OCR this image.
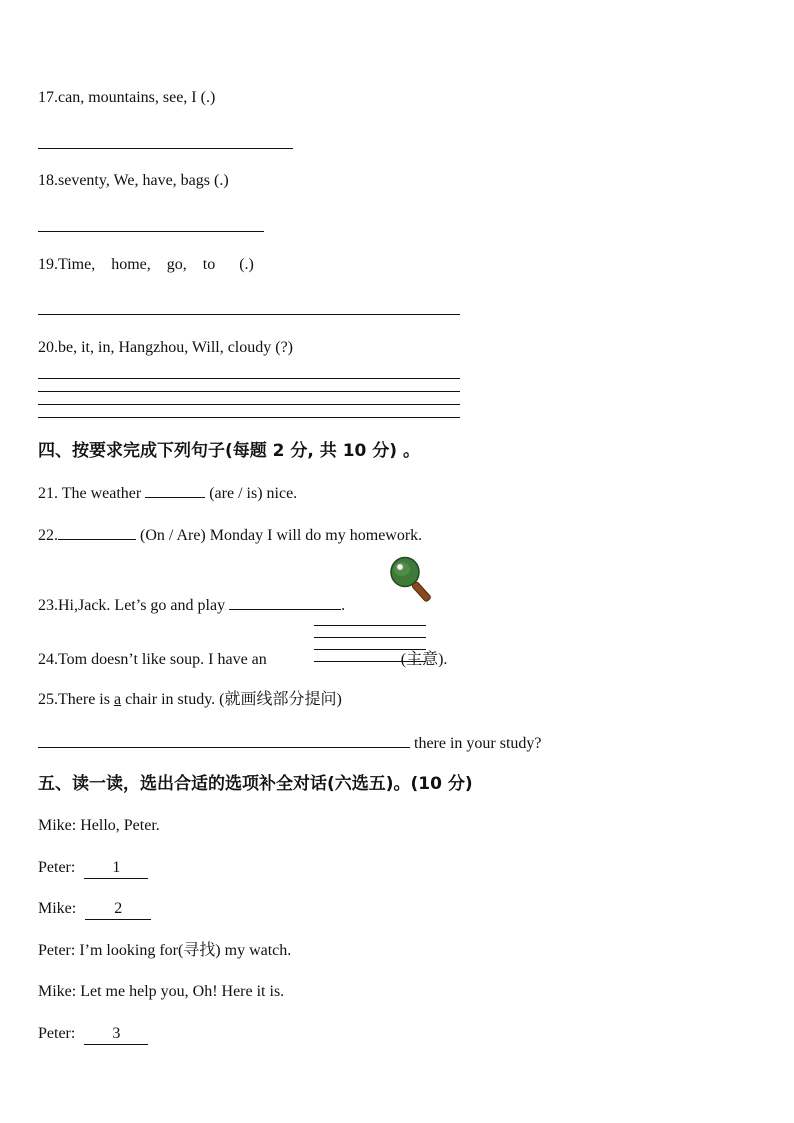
17.can, mountains, see, I (.)
18.seventy, We, have, bags (.)
19.Time,    home,    go,    to      (.)
20.be, it, in, Hangzhou, Will, cloudy (?)
四、按要求完成下列句子(每题 2 分, 共 10 分) 。
21. The weather	(are / is) nice.
22.	(On / Are) Monday I will do my homework.
23.Hi,Jack. Let’s go and play	.
24.Tom doesn’t like soup. I have an	(主意).
25.There is a chair in study. (就画线部分提问)
there in your study?
五、读一读，选出合适的选项补全对话(六选五)。(10 分)
Mike: Hello, Peter.
Peter: 1
Mike: 2
Peter: I’m looking for(寻找) my watch.
Mike: Let me help you, Oh! Here it is.
Peter: 3
